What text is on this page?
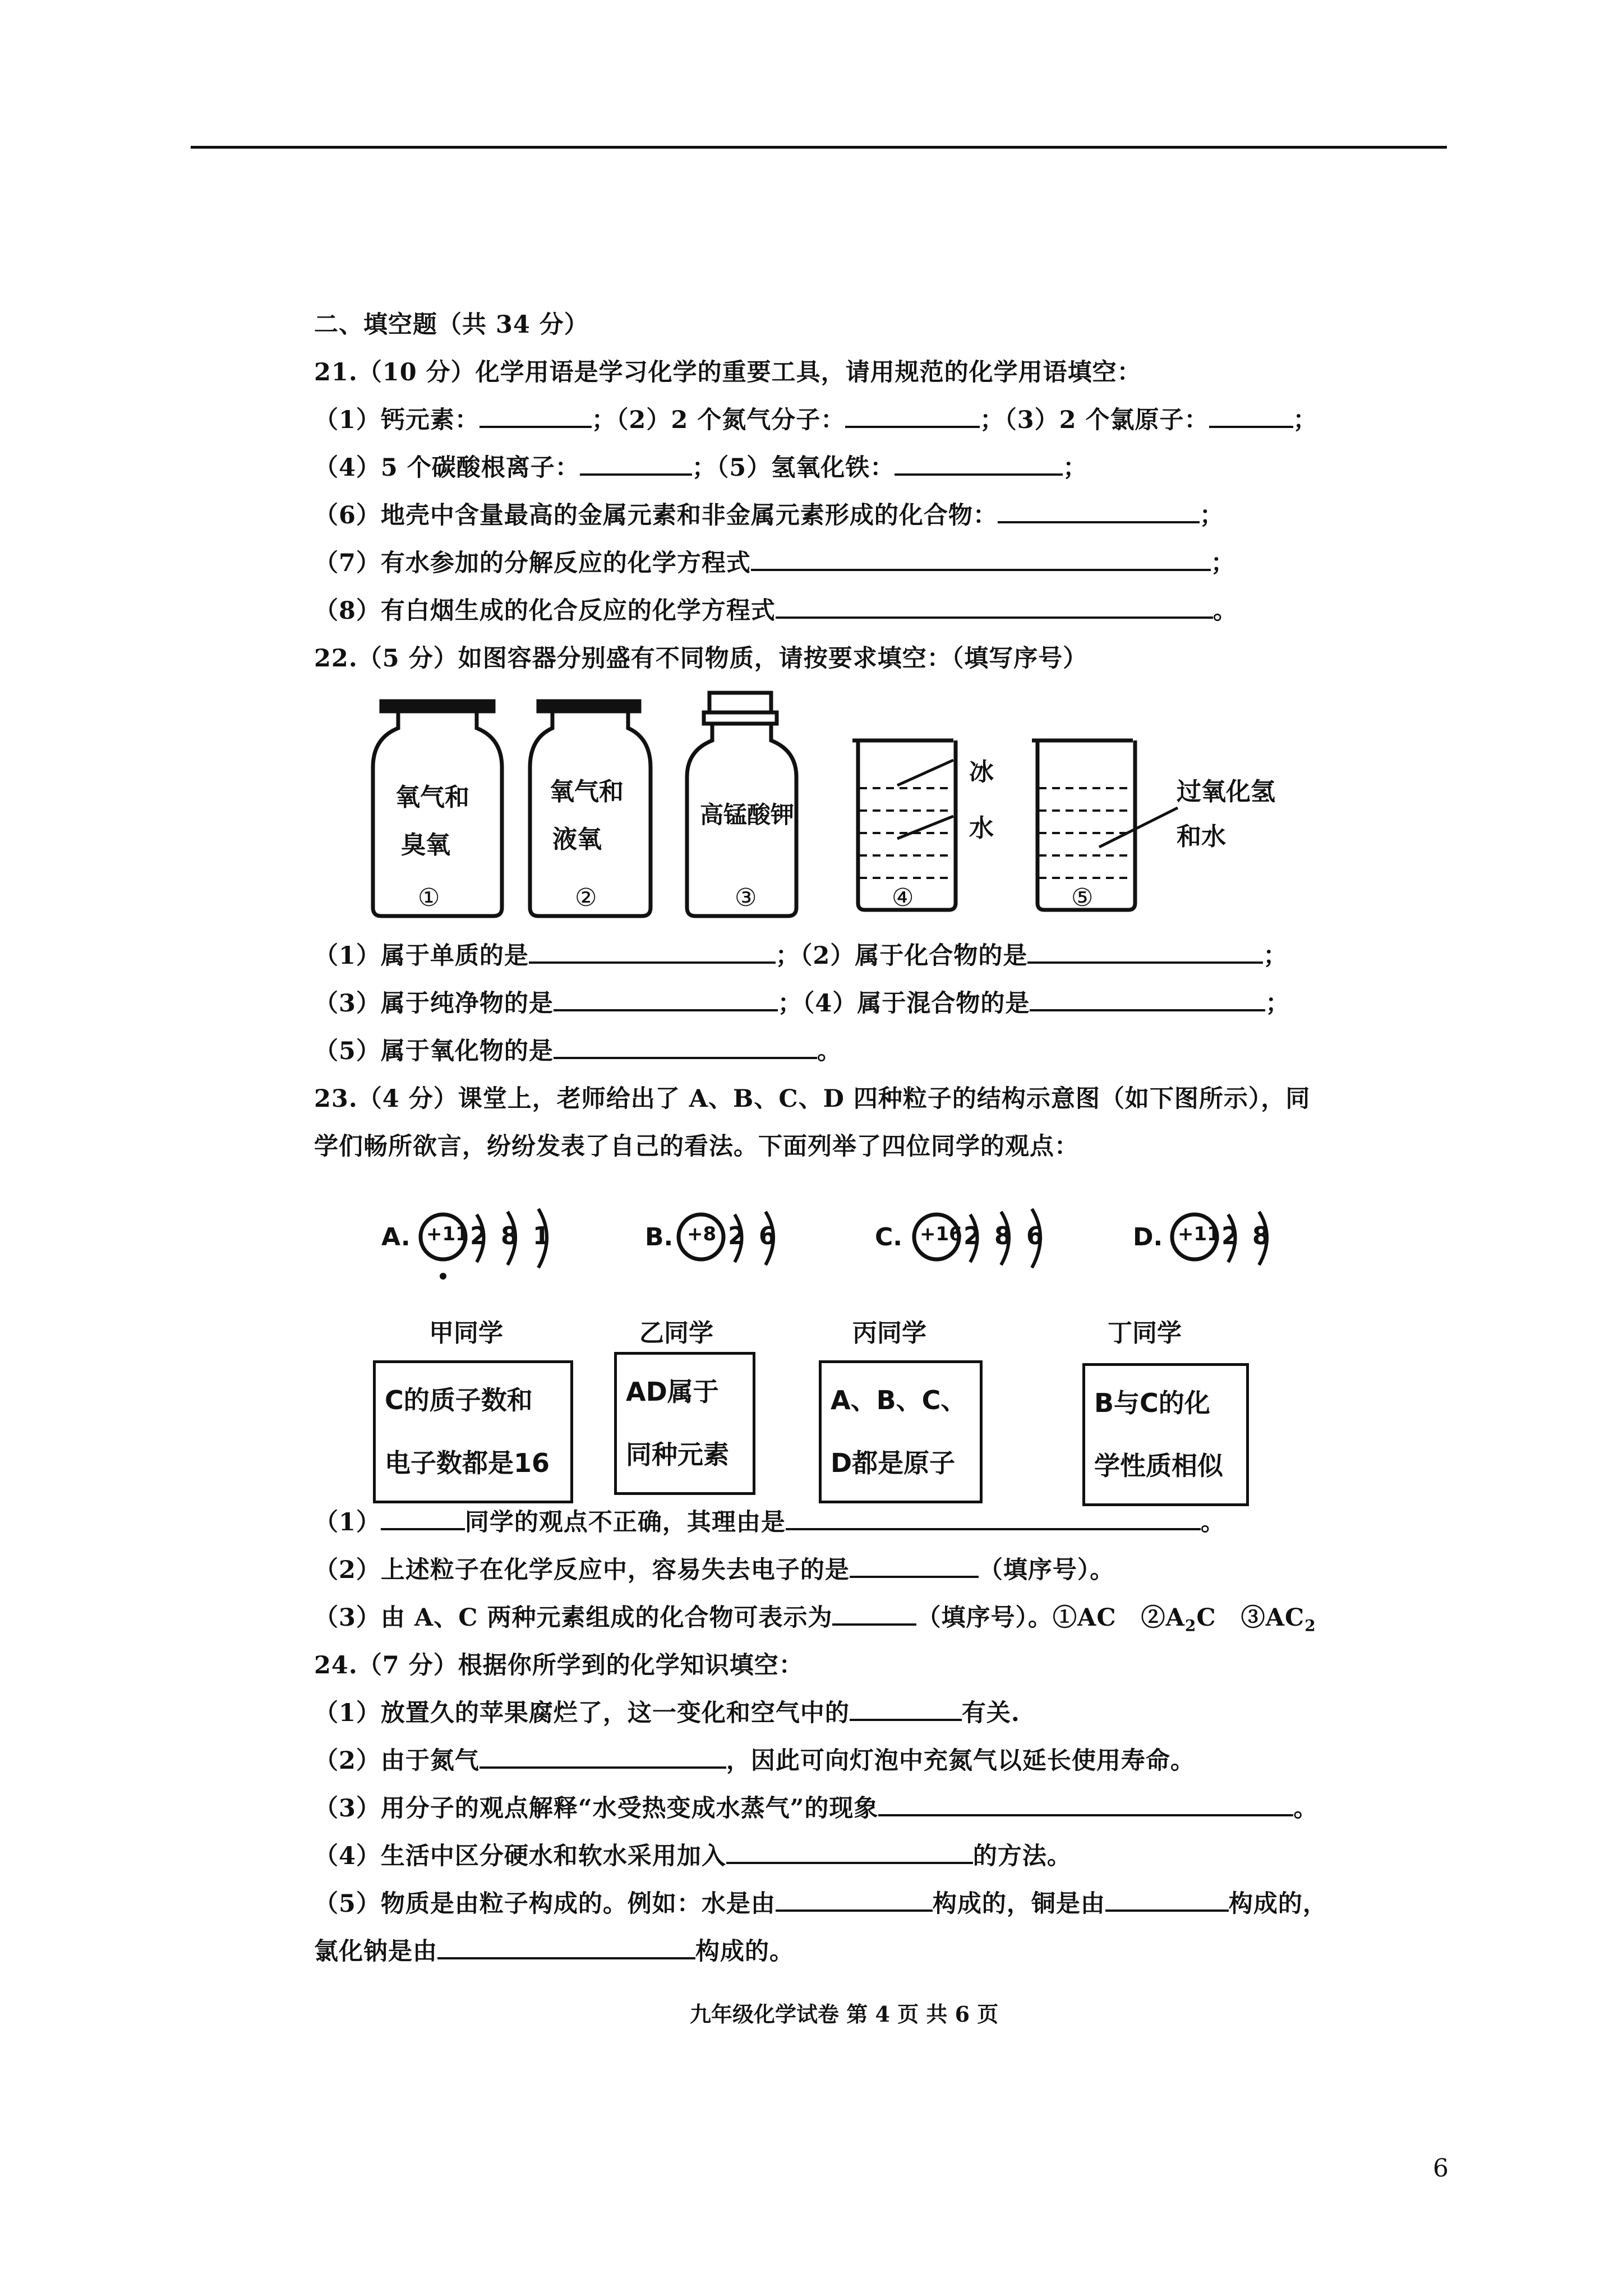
二、填空题（共 34 分）
21.（10 分）化学用语是学习化学的重要工具，请用规范的化学用语填空：
（1）钙元素：	；（2）2 个氮气分子：	；（3）2 个氯原子：	；
（4）5 个碳酸根离子：	；（5）氢氧化铁：	；
（6）地壳中含量最高的金属元素和非金属元素形成的化合物：	；
（7）有水参加的分解反应的化学方程式	；
（8）有白烟生成的化合反应的化学方程式	。
22.（5 分）如图容器分别盛有不同物质，请按要求填空：（填写序号）
氧气和
臭氧
氧气和
液氧
高锰酸钾
冰
水
过氧化氢
和水
①	②	③	④	⑤
（1）属于单质的是	；（2）属于化合物的是	；
（3）属于纯净物的是	；（4）属于混合物的是	；
（5）属于氧化物的是	。
23.（4 分）课堂上，老师给出了 A、B、C、D 四种粒子的结构示意图（如下图所示），同
学们畅所欲言，纷纷发表了自己的看法。下面列举了四位同学的观点：
A. +11 2 8 1	B. +8 2 6	C. +16 2 8 6	D. +11 2 8
甲同学	乙同学	丙同学	丁同学
C的质子数和
电子数都是16
AD属于
同种元素
A、B、C、
D都是原子
B与C的化
学性质相似
（1）	同学的观点不正确，其理由是	。
（2）上述粒子在化学反应中，容易失去电子的是	（填序号）。
（3）由 A、C 两种元素组成的化合物可表示为	（填序号）。①AC　$②A_2C$　$③AC_2$
24.（7 分）根据你所学到的化学知识填空：
（1）放置久的苹果腐烂了，这一变化和空气中的	有关.
（2）由于氮气	，因此可向灯泡中充氮气以延长使用寿命。
（3）用分子的观点解释“水受热变成水蒸气”的现象	。
（4）生活中区分硬水和软水采用加入	的方法。
（5）物质是由粒子构成的。例如：水是由	构成的，铜是由	构成的，
氯化钠是由	构成的。
九年级化学试卷 第 4 页 共 6 页
6
